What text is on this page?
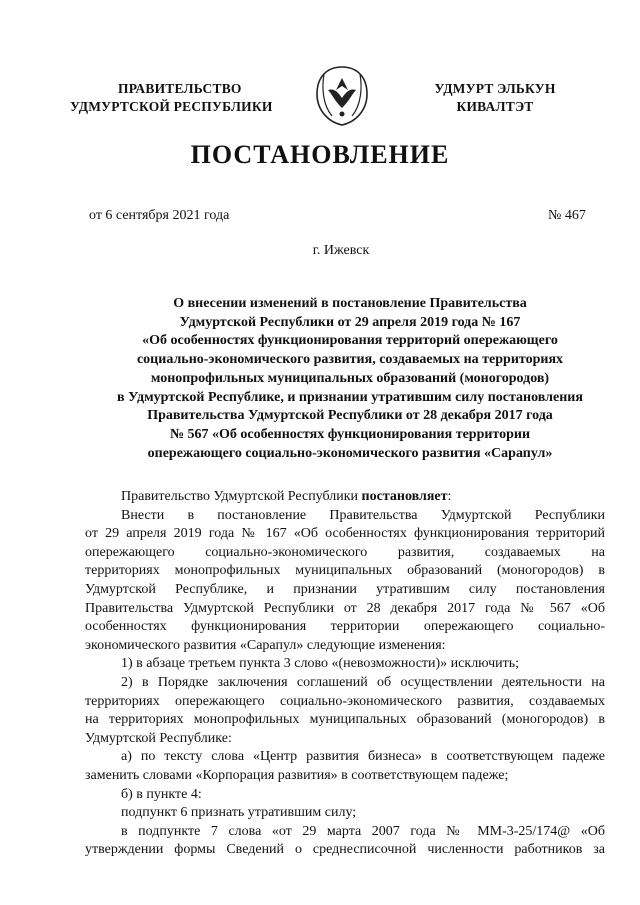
ПРАВИТЕЛЬСТВО
УДМУРТСКОЙ РЕСПУБЛИКИ
УДМУРТ ЭЛЬКУН
КИВАЛТЭТ
ПОСТАНОВЛЕНИЕ
от 6 сентября 2021 года	№ 467
г. Ижевск
О внесении изменений в постановление Правительства
Удмуртской Республики от 29 апреля 2019 года № 167
«Об особенностях функционирования территорий опережающего
социально-экономического развития, создаваемых на территориях
монопрофильных муниципальных образований (моногородов)
в Удмуртской Республике, и признании утратившим силу постановления
Правительства Удмуртской Республики от 28 декабря 2017 года
№ 567 «Об особенностях функционирования территории
опережающего социально-экономического развития «Сарапул»

Правительство Удмуртской Республики постановляет:

Внести в постановление Правительства Удмуртской Республики
от 29 апреля 2019 года № 167 «Об особенностях функционирования территорий
опережающего социально-экономического развития, создаваемых на
территориях монопрофильных муниципальных образований (моногородов) в
Удмуртской Республике, и признании утратившим силу постановления
Правительства Удмуртской Республики от 28 декабря 2017 года № 567 «Об
особенностях функционирования территории опережающего социально-
экономического развития «Сарапул» следующие изменения:

1) в абзаце третьем пункта 3 слово «(невозможности)» исключить;

2) в Порядке заключения соглашений об осуществлении деятельности на
территориях опережающего социально-экономического развития, создаваемых
на территориях монопрофильных муниципальных образований (моногородов) в
Удмуртской Республике:

а) по тексту слова «Центр развития бизнеса» в соответствующем падеже
заменить словами «Корпорация развития» в соответствующем падеже;

б) в пункте 4:

подпункт 6 признать утратившим силу;

в подпункте 7 слова «от 29 марта 2007 года № ММ-3-25/174@ «Об
утверждении формы Сведений о среднесписочной численности работников за
